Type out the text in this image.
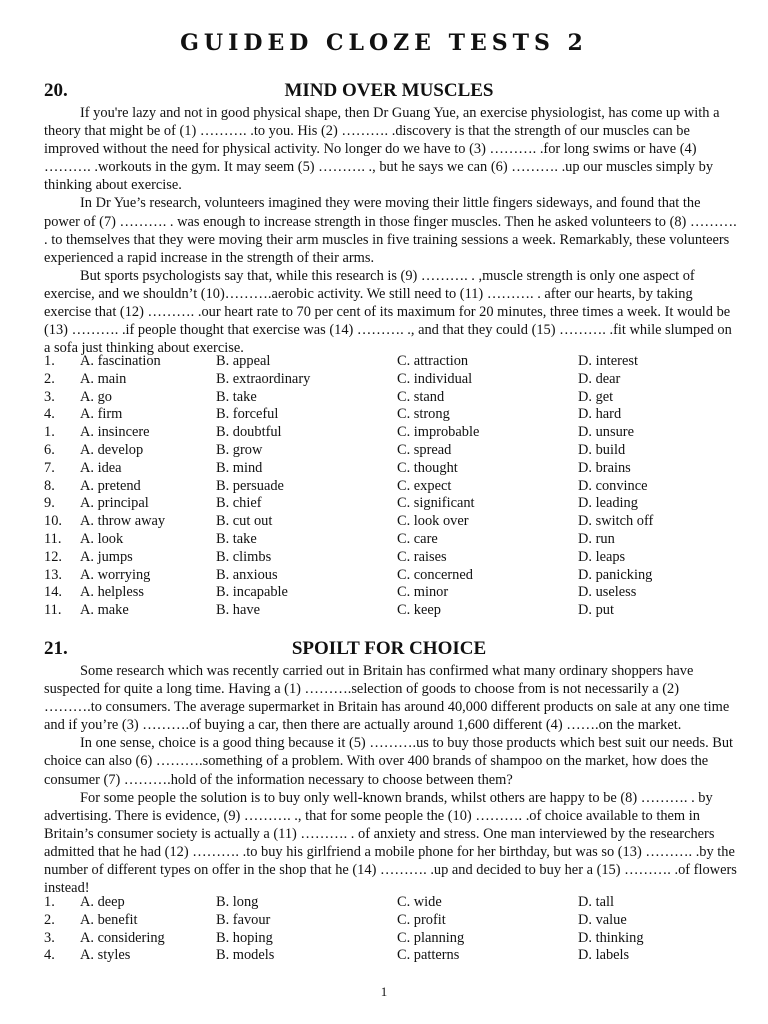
GUIDED CLOZE TESTS 2
20.	MIND OVER MUSCLES

If you're lazy and not in good physical shape, then Dr Guang Yue, an exercise physiologist, has come up with a theory that might be of (1) ………. .to you. His (2) ………. .discovery is that the strength of our muscles can be improved without the need for physical activity. No longer do we have to (3) ………. .for long swims or have (4) ………. .workouts in the gym. It may seem (5) ………. ., but he says we can (6) ………. .up our muscles simply by thinking about exercise.

In Dr Yue’s research, volunteers imagined they were moving their little fingers sideways, and found that the power of (7) ………. . was enough to increase strength in those finger muscles. Then he asked volunteers to (8) ………. . to themselves that they were moving their arm muscles in five training sessions a week. Remarkably, these volunteers experienced a rapid increase in the strength of their arms.

But sports psychologists say that, while this research is (9) ………. . ,muscle strength is only one aspect of exercise, and we shouldn’t (10)……….aerobic activity. We still need to (11) ………. . after our hearts, by taking exercise that (12) ………. .our heart rate to 70 per cent of its maximum for 20 minutes, three times a week. It would be (13) ………. .if people thought that exercise was (14) ………. ., and that they could (15) ………. .fit while slumped on a sofa just thinking about exercise.

1. A. fascination	B. appeal	C. attraction	D. interest
2. A. main	B. extraordinary	C. individual	D. dear
3. A. go	B. take	C. stand	D. get
4. A. firm	B. forceful	C. strong	D. hard
1. A. insincere	B. doubtful	C. improbable	D. unsure
6. A. develop	B. grow	C. spread	D. build
7. A. idea	B. mind	C. thought	D. brains
8. A. pretend	B. persuade	C. expect	D. convince
9. A. principal	B. chief	C. significant	D. leading
10. A. throw away	B. cut out	C. look over	D. switch off
11. A. look	B. take	C. care	D. run
12. A. jumps	B. climbs	C. raises	D. leaps
13. A. worrying	B. anxious	C. concerned	D. panicking
14. A. helpless	B. incapable	C. minor	D. useless
11. A. make	B. have	C. keep	D. put
21.	SPOILT FOR CHOICE

Some research which was recently carried out in Britain has confirmed what many ordinary shoppers have suspected for quite a long time. Having a (1) ……….selection of goods to choose from is not necessarily a (2) ……….to consumers. The average supermarket in Britain has around 40,000 different products on sale at any one time and if you’re (3) ……….of buying a car, then there are actually around 1,600 different (4) …….on the market.

In one sense, choice is a good thing because it (5) ……….us to buy those products which best suit our needs. But choice can also (6) ……….something of a problem. With over 400 brands of shampoo on the market, how does the consumer (7) ……….hold of the information necessary to choose between them?

For some people the solution is to buy only well-known brands, whilst others are happy to be (8) ………. . by advertising. There is evidence, (9) ………. ., that for some people the (10) ………. .of choice available to them in Britain’s consumer society is actually a (11) ………. . of anxiety and stress. One man interviewed by the researchers admitted that he had (12) ………. .to buy his girlfriend a mobile phone for her birthday, but was so (13) ………. .by the number of different types on offer in the shop that he (14) ………. .up and decided to buy her a (15) ………. .of flowers instead!

1. A. deep	B. long	C. wide	D. tall
2. A. benefit	B. favour	C. profit	D. value
3. A. considering	B. hoping	C. planning	D. thinking
4. A. styles	B. models	C. patterns	D. labels
1
